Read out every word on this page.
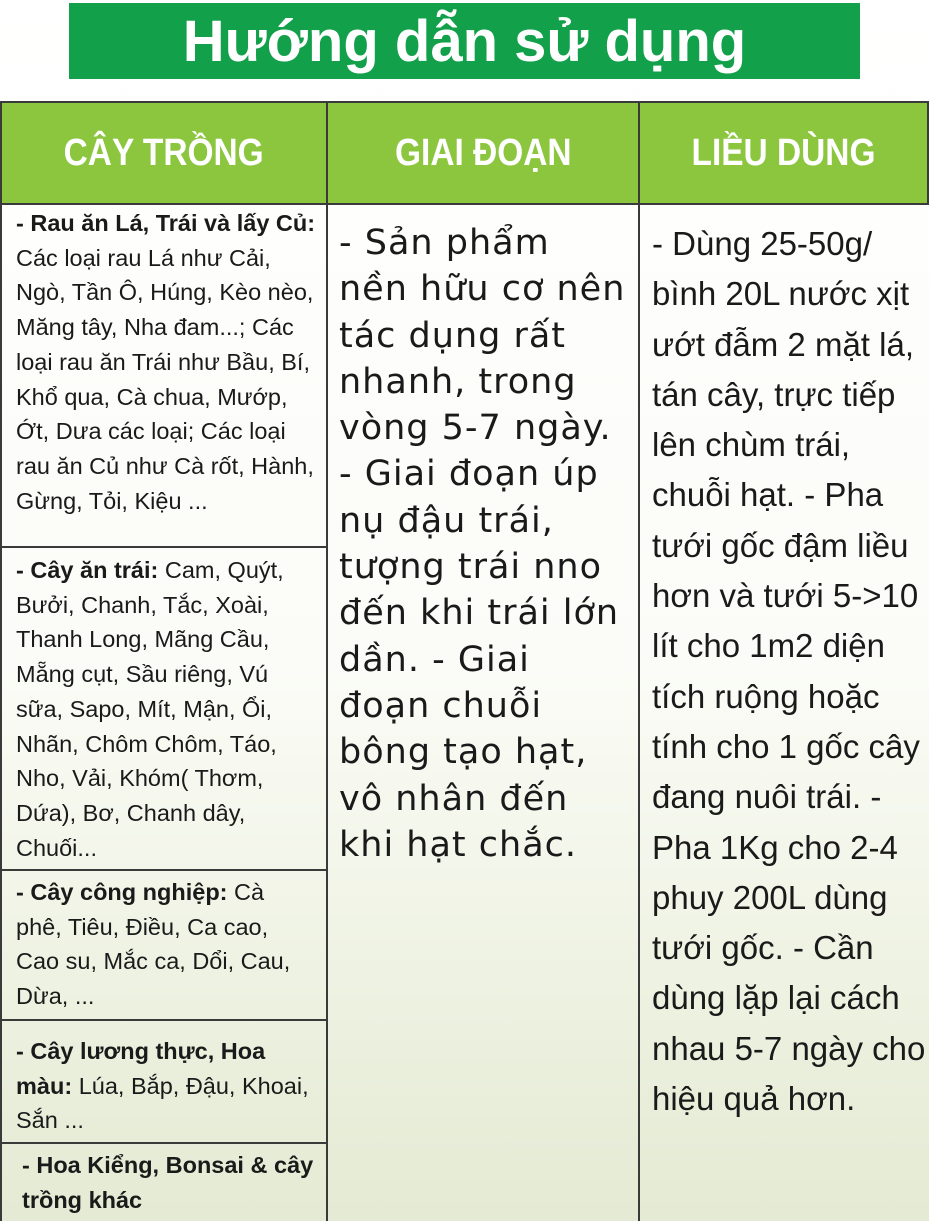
Hướng dẫn sử dụng
CÂY TRỒNG	GIAI ĐOẠN	LIỀU DÙNG
- Rau ăn Lá, Trái và lấy Củ: Các loại rau Lá như Cải, Ngò, Tần Ô, Húng, Kèo nèo, Măng tây, Nha đam...; Các loại rau ăn Trái như Bầu, Bí, Khổ qua, Cà chua, Mướp, Ớt, Dưa các loại; Các loại rau ăn Củ như Cà rốt, Hành, Gừng, Tỏi, Kiệu ...
- Cây ăn trái: Cam, Quýt, Bưởi, Chanh, Tắc, Xoài, Thanh Long, Mãng Cầu, Mẵng cụt, Sầu riêng, Vú sữa, Sapo, Mít, Mận, Ổi, Nhãn, Chôm Chôm, Táo, Nho, Vải, Khóm( Thơm, Dứa), Bơ, Chanh dây, Chuối...
- Cây công nghiệp: Cà phê, Tiêu, Điều, Ca cao, Cao su, Mắc ca, Dổi, Cau, Dừa, ...
- Cây lương thực, Hoa màu: Lúa, Bắp, Đậu, Khoai, Sắn ...
- Hoa Kiểng, Bonsai & cây trồng khác
- Sản phẩm nền hữu cơ nên tác dụng rất nhanh, trong vòng 5-7 ngày. - Giai đoạn úp nụ đậu trái, tượng trái nno đến khi trái lớn dần. - Giai đoạn chuỗi bông tạo hạt, vô nhân đến khi hạt chắc.
- Dùng 25-50g/ bình 20L nước xịt ướt đẫm 2 mặt lá, tán cây, trực tiếp lên chùm trái, chuỗi hạt. - Pha tưới gốc đậm liều hơn và tưới 5->10 lít cho 1m2 diện tích ruộng hoặc tính cho 1 gốc cây đang nuôi trái. - Pha 1Kg cho 2-4 phuy 200L dùng tưới gốc. - Cần dùng lặp lại cách nhau 5-7 ngày cho hiệu quả hơn.
